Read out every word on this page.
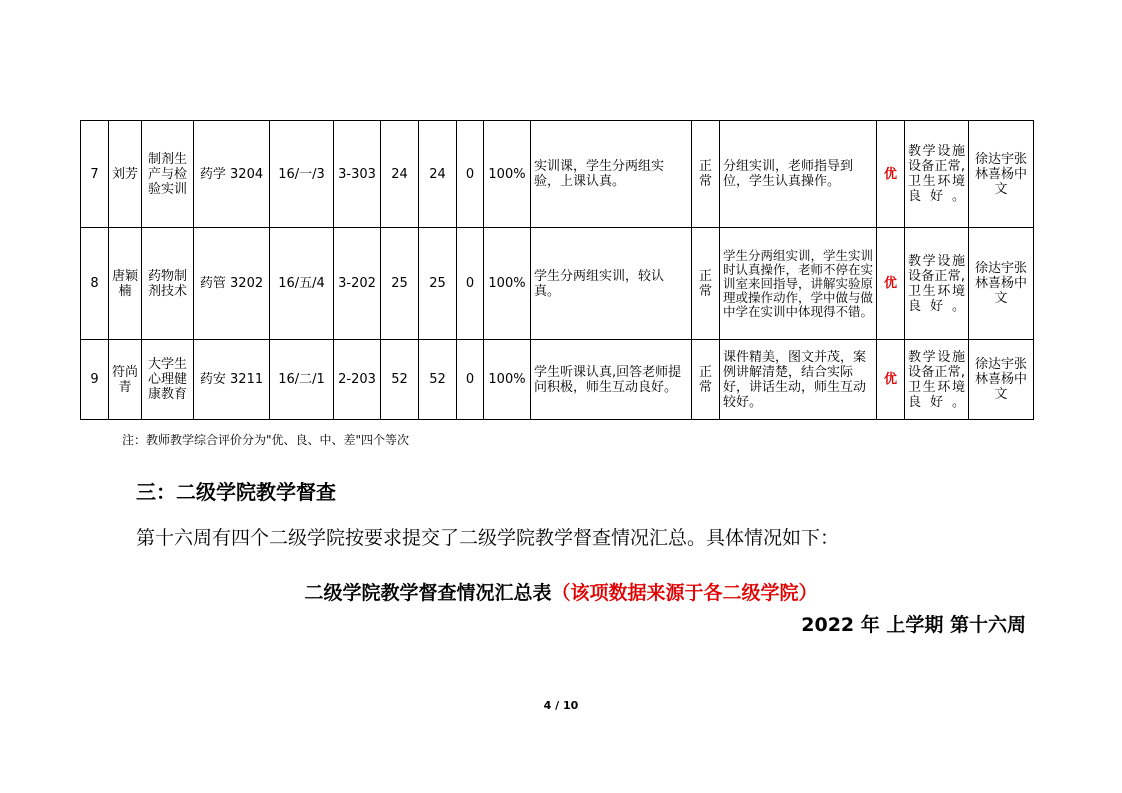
7	刘芳	制剂生产与检验实训	药学 3204	16/一/3	3-303	24	24	0	100%	实训课，学生分两组实验，上课认真。	正常	分组实训，老师指导到位，学生认真操作。	优	教学设施设备正常,卫生环境良好。	徐达宇张林喜杨中文
8	唐颖楠	药物制剂技术	药管 3202	16/五/4	3-202	25	25	0	100%	学生分两组实训，较认真。	正常	学生分两组实训，学生实训时认真操作，老师不停在实训室来回指导，讲解实验原理或操作动作，学中做与做中学在实训中体现得不错。	优	教学设施设备正常,卫生环境良好。	徐达宇张林喜杨中文
9	符尚青	大学生心理健康教育	药安 3211	16/二/1	2-203	52	52	0	100%	学生听课认真,回答老师提问积极，师生互动良好。	正常	课件精美，图文并茂，案例讲解清楚，结合实际好，讲话生动，师生互动较好。	优	教学设施设备正常,卫生环境良好。	徐达宇张林喜杨中文
注：教师教学综合评价分为"优、良、中、差"四个等次
三：二级学院教学督查
第十六周有四个二级学院按要求提交了二级学院教学督查情况汇总。具体情况如下：
二级学院教学督查情况汇总表（该项数据来源于各二级学院）
2022 年 上学期 第十六周
4 / 10
